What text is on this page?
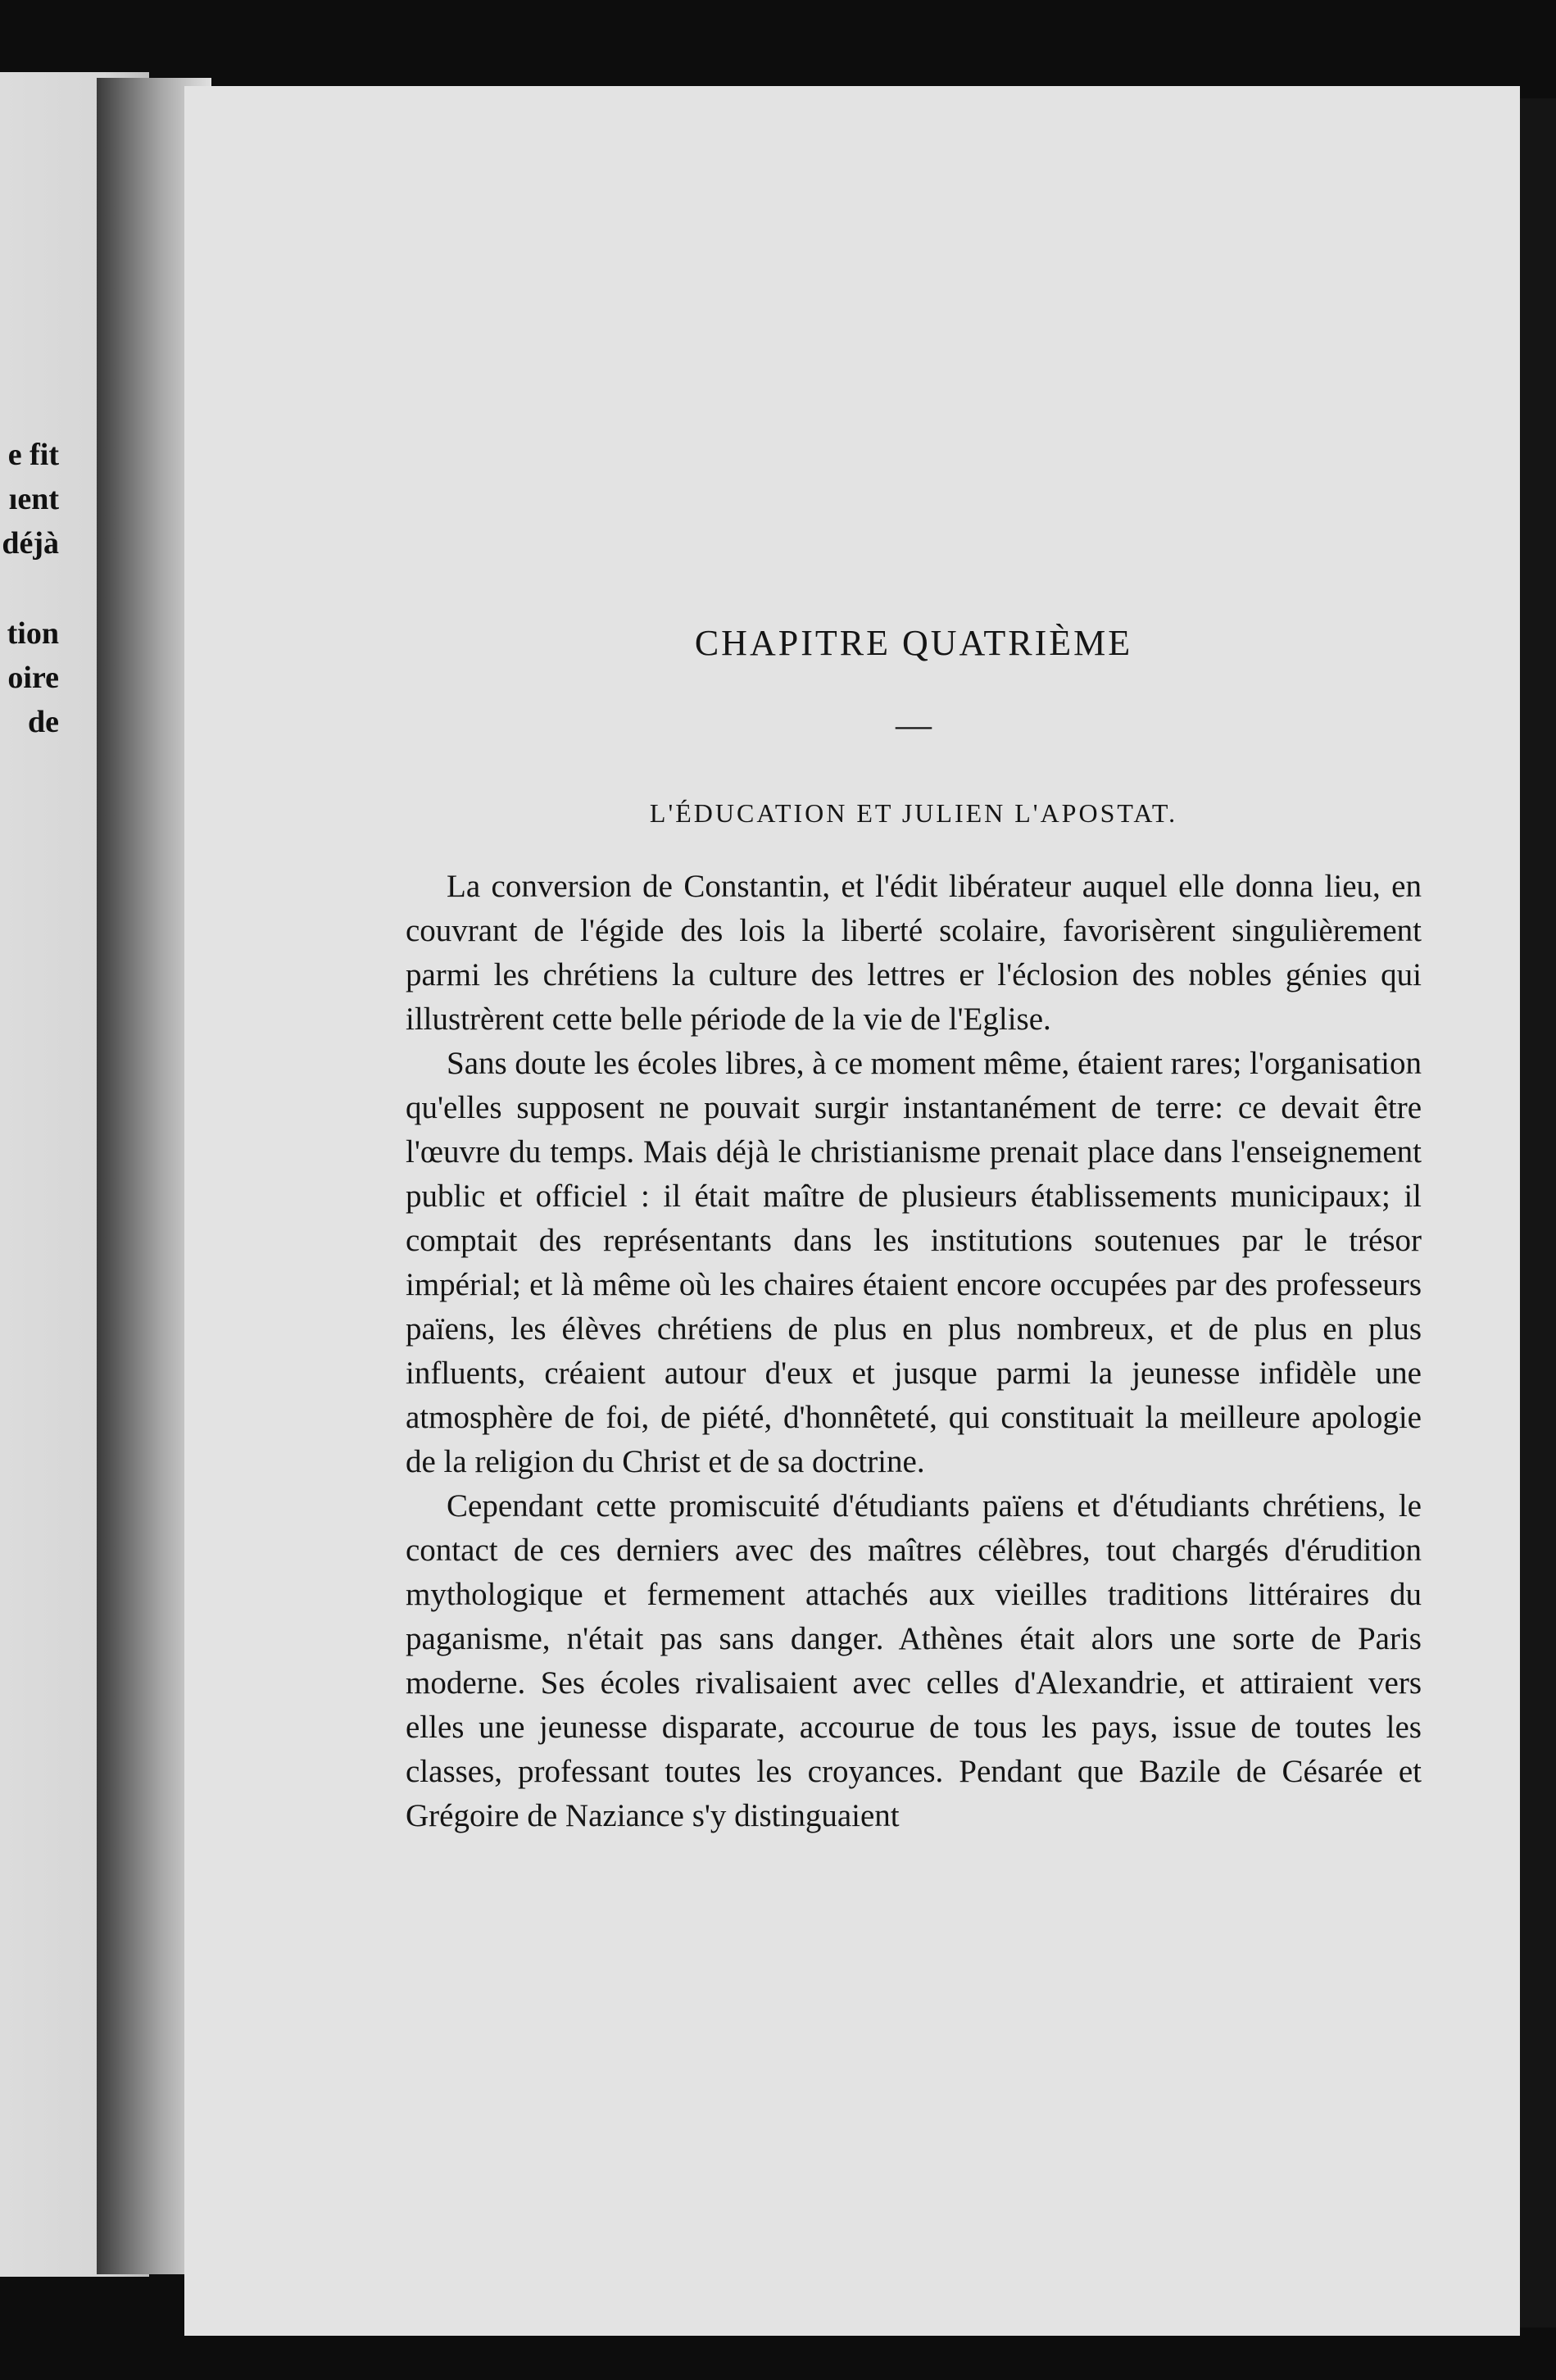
e fit
ıent
déjà
tion
oire
de
CHAPITRE QUATRIÈME
—
L'ÉDUCATION ET JULIEN L'APOSTAT.

La conversion de Constantin, et l'édit libérateur auquel elle donna lieu, en couvrant de l'égide des lois la liberté scolaire, favorisèrent singulièrement parmi les chrétiens la culture des lettres er l'éclosion des nobles génies qui illustrèrent cette belle période de la vie de l'Eglise.

Sans doute les écoles libres, à ce moment même, étaient rares; l'organisation qu'elles supposent ne pouvait surgir instantanément de terre: ce devait être l'œuvre du temps. Mais déjà le christianisme prenait place dans l'enseignement public et officiel : il était maître de plusieurs établissements municipaux; il comptait des représentants dans les institutions soutenues par le trésor impérial; et là même où les chaires étaient encore occupées par des professeurs païens, les élèves chrétiens de plus en plus nombreux, et de plus en plus influents, créaient autour d'eux et jusque parmi la jeunesse infidèle une atmosphère de foi, de piété, d'honnêteté, qui constituait la meilleure apologie de la religion du Christ et de sa doctrine.

Cependant cette promiscuité d'étudiants païens et d'étudiants chrétiens, le contact de ces derniers avec des maîtres célèbres, tout chargés d'érudition mythologique et fermement attachés aux vieilles traditions littéraires du paganisme, n'était pas sans danger. Athènes était alors une sorte de Paris moderne. Ses écoles rivalisaient avec celles d'Alexandrie, et attiraient vers elles une jeunesse disparate, accourue de tous les pays, issue de toutes les classes, professant toutes les croyances. Pendant que Bazile de Césarée et Grégoire de Naziance s'y distinguaient
